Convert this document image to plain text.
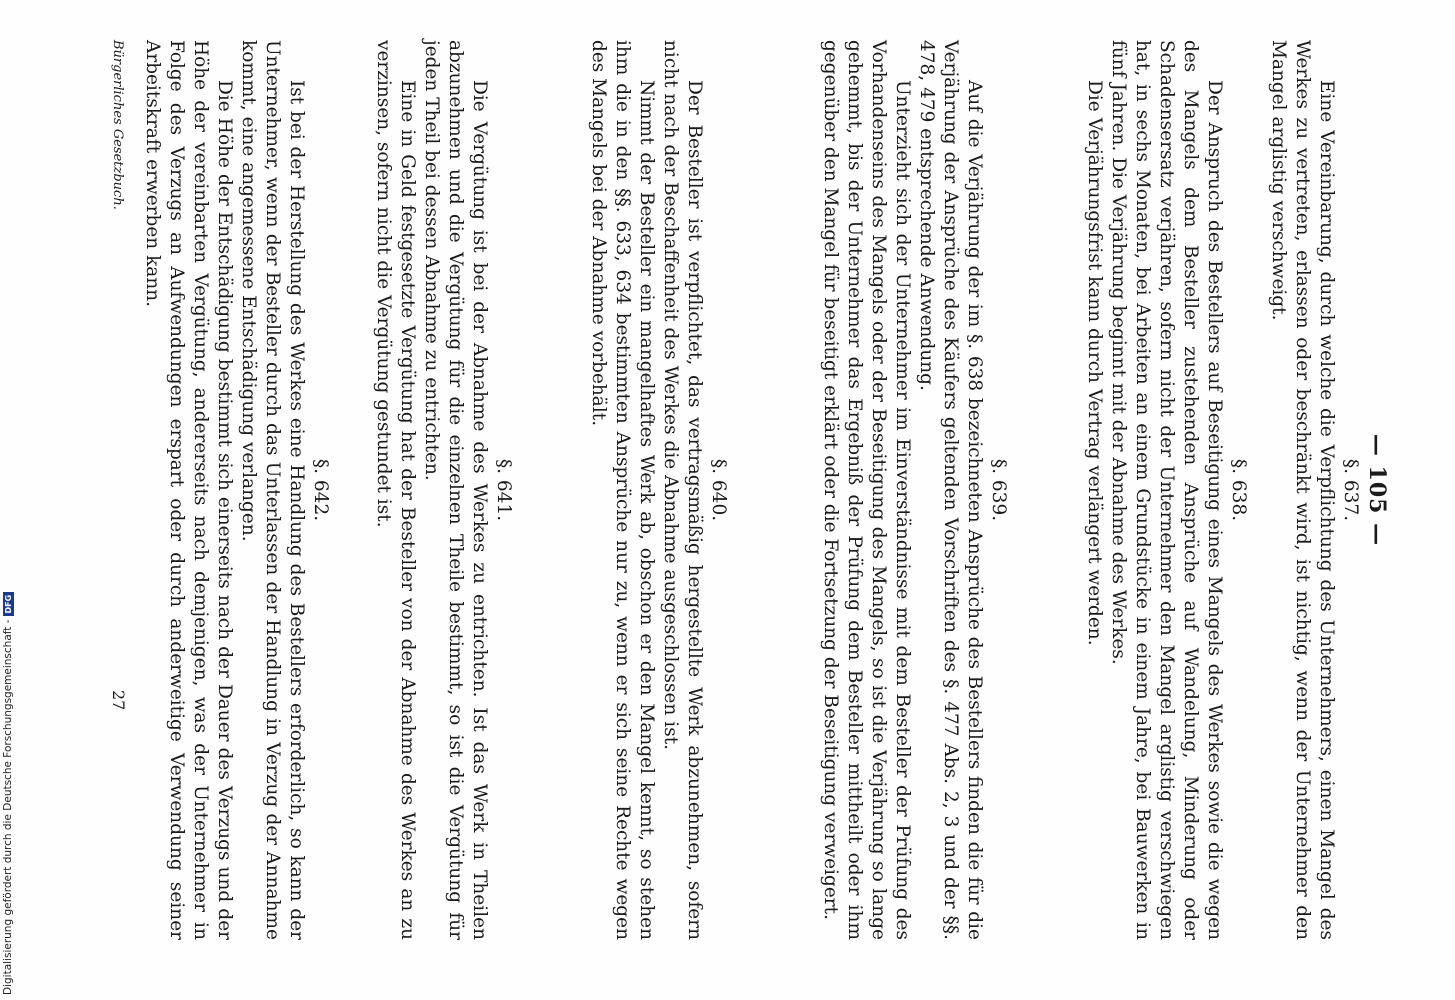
— 105 —

§. 637.

Eine Vereinbarung, durch welche die Verpflichtung des Unternehmers, einen Mangel des Werkes zu vertreten, erlassen oder beschränkt wird, ist nichtig, wenn der Unternehmer den Mangel arglistig verschweigt.

§. 638.

Der Anspruch des Bestellers auf Beseitigung eines Mangels des Werkes sowie die wegen des Mangels dem Besteller zustehenden Ansprüche auf Wandelung, Minderung oder Schadensersatz verjähren, sofern nicht der Unternehmer den Mangel arglistig verschwiegen hat, in sechs Monaten, bei Arbeiten an einem Grundstücke in einem Jahre, bei Bauwerken in fünf Jahren. Die Verjährung beginnt mit der Abnahme des Werkes.

Die Verjährungsfrist kann durch Vertrag verlängert werden.

§. 639.

Auf die Verjährung der im §. 638 bezeichneten Ansprüche des Bestellers finden die für die Verjährung der Ansprüche des Käufers geltenden Vorschriften des §. 477 Abs. 2, 3 und der §§. 478, 479 entsprechende Anwendung.

Unterzieht sich der Unternehmer im Einverständnisse mit dem Besteller der Prüfung des Vorhandenseins des Mangels oder der Beseitigung des Mangels, so ist die Verjährung so lange gehemmt, bis der Unternehmer das Ergebniß der Prüfung dem Besteller mittheilt oder ihm gegenüber den Mangel für beseitigt erklärt oder die Fortsetzung der Beseitigung verweigert.

§. 640.

Der Besteller ist verpflichtet, das vertragsmäßig hergestellte Werk abzunehmen, sofern nicht nach der Beschaffenheit des Werkes die Abnahme ausgeschlossen ist.

Nimmt der Besteller ein mangelhaftes Werk ab, obschon er den Mangel kennt, so stehen ihm die in den §§. 633, 634 bestimmten Ansprüche nur zu, wenn er sich seine Rechte wegen des Mangels bei der Abnahme vorbehält.

§. 641.

Die Vergütung ist bei der Abnahme des Werkes zu entrichten. Ist das Werk in Theilen abzunehmen und die Vergütung für die einzelnen Theile bestimmt, so ist die Vergütung für jeden Theil bei dessen Abnahme zu entrichten.

Eine in Geld festgesetzte Vergütung hat der Besteller von der Abnahme des Werkes an zu verzinsen, sofern nicht die Vergütung gestundet ist.

§. 642.

Ist bei der Herstellung des Werkes eine Handlung des Bestellers erforderlich, so kann der Unternehmer, wenn der Besteller durch das Unterlassen der Handlung in Verzug der Annahme kommt, eine angemessene Entschädigung verlangen.

Die Höhe der Entschädigung bestimmt sich einerseits nach der Dauer des Verzugs und der Höhe der vereinbarten Vergütung, andererseits nach demjenigen, was der Unternehmer in Folge des Verzugs an Aufwendungen erspart oder durch anderweitige Verwendung seiner Arbeitskraft erwerben kann.

Bürgerliches Gesetzbuch.
27
Digitalisierung gefördert durch die Deutsche Forschungsgemeinschaft -DFG
